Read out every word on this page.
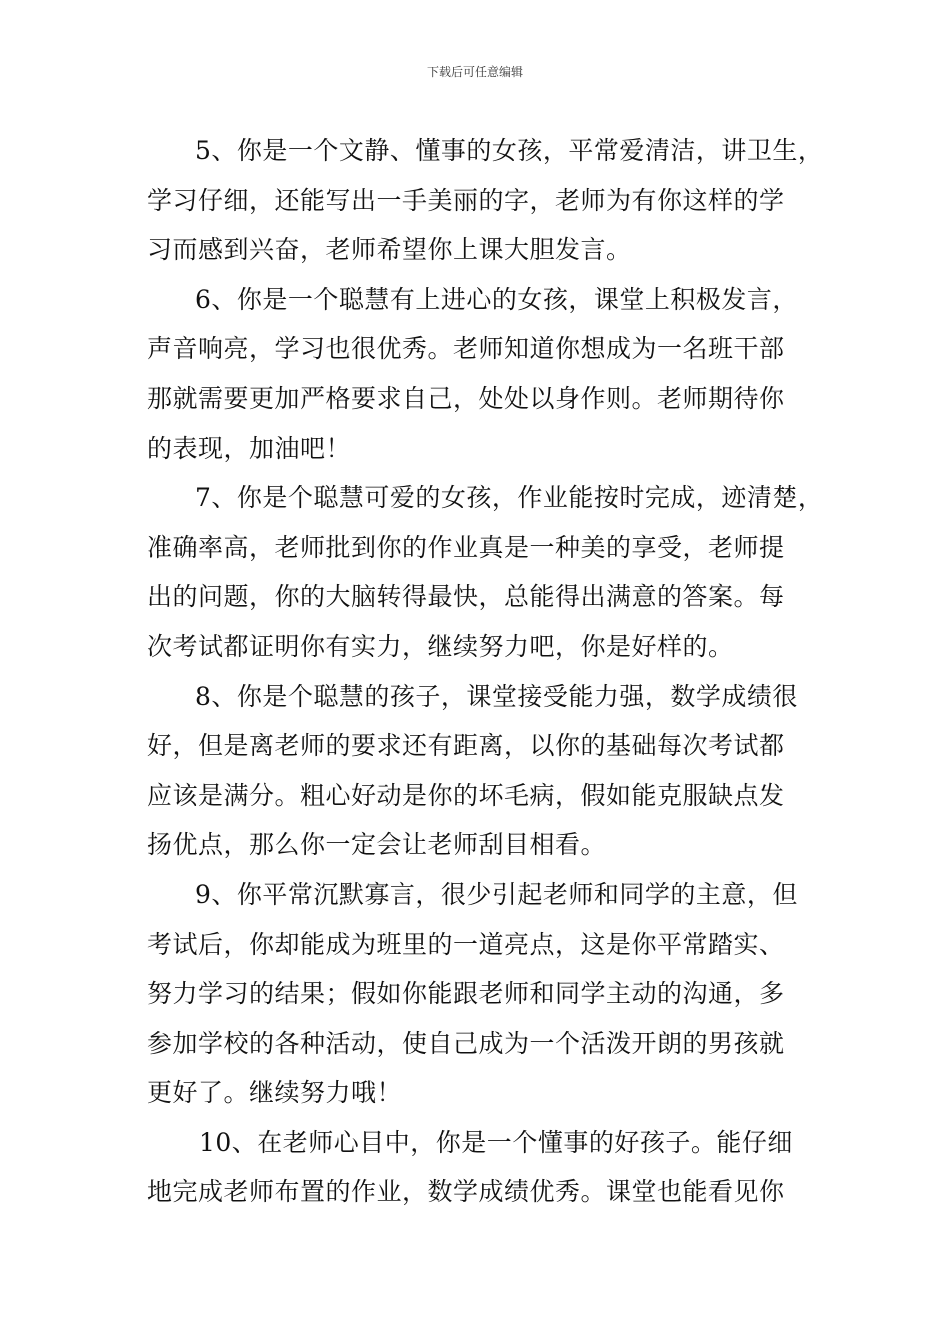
下载后可任意编辑
5、你是一个文静、懂事的女孩，平常爱清洁，讲卫生，
学习仔细，还能写出一手美丽的字，老师为有你这样的学
习而感到兴奋，老师希望你上课大胆发言。
6、你是一个聪慧有上进心的女孩，课堂上积极发言，
声音响亮，学习也很优秀。老师知道你想成为一名班干部
那就需要更加严格要求自己，处处以身作则。老师期待你
的表现，加油吧！
7、你是个聪慧可爱的女孩，作业能按时完成，迹清楚，
准确率高，老师批到你的作业真是一种美的享受，老师提
出的问题，你的大脑转得最快，总能得出满意的答案。每
次考试都证明你有实力，继续努力吧，你是好样的。
8、你是个聪慧的孩子，课堂接受能力强，数学成绩很
好，但是离老师的要求还有距离，以你的基础每次考试都
应该是满分。粗心好动是你的坏毛病，假如能克服缺点发
扬优点，那么你一定会让老师刮目相看。
9、你平常沉默寡言，很少引起老师和同学的主意，但
考试后，你却能成为班里的一道亮点，这是你平常踏实、
努力学习的结果；假如你能跟老师和同学主动的沟通，多
参加学校的各种活动，使自己成为一个活泼开朗的男孩就
更好了。继续努力哦！
10、在老师心目中，你是一个懂事的好孩子。能仔细
地完成老师布置的作业，数学成绩优秀。课堂也能看见你
